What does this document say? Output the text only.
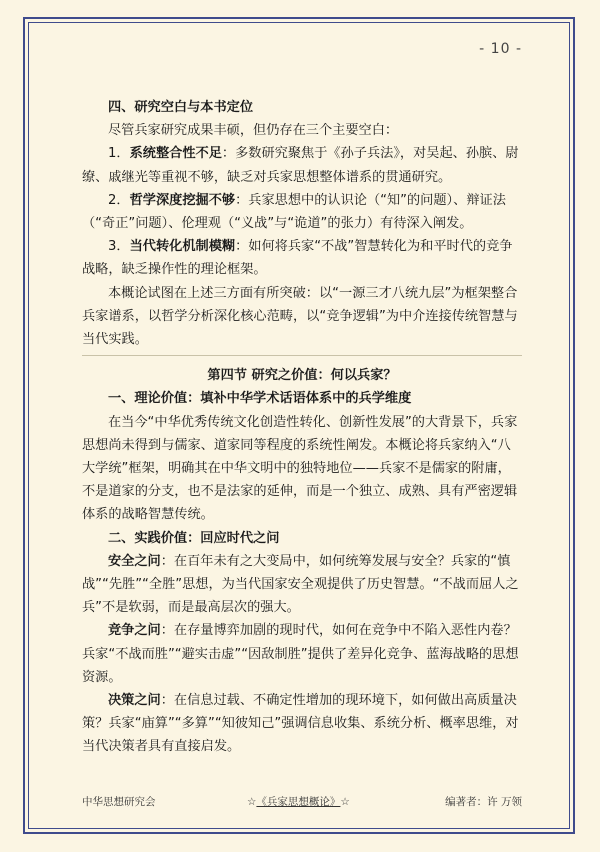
- 10 -

四、研究空白与本书定位

尽管兵家研究成果丰硕，但仍存在三个主要空白：

1．系统整合性不足：多数研究聚焦于《孙子兵法》，对吴起、孙膑、尉缭、戚继光等重视不够，缺乏对兵家思想整体谱系的贯通研究。

2．哲学深度挖掘不够：兵家思想中的认识论（“知”的问题）、辩证法（“奇正”问题）、伦理观（“义战”与“诡道”的张力）有待深入阐发。

3．当代转化机制模糊：如何将兵家“不战”智慧转化为和平时代的竞争战略，缺乏操作性的理论框架。

本概论试图在上述三方面有所突破：以“一源三才八统九层”为框架整合兵家谱系，以哲学分析深化核心范畴，以“竞争逻辑”为中介连接传统智慧与当代实践。

第四节 研究之价值：何以兵家？

一、理论价值：填补中华学术话语体系中的兵学维度

在当今“中华优秀传统文化创造性转化、创新性发展”的大背景下，兵家思想尚未得到与儒家、道家同等程度的系统性阐发。本概论将兵家纳入“八大学统”框架，明确其在中华文明中的独特地位——兵家不是儒家的附庸，不是道家的分支，也不是法家的延伸，而是一个独立、成熟、具有严密逻辑体系的战略智慧传统。

二、实践价值：回应时代之问

安全之问：在百年未有之大变局中，如何统筹发展与安全？兵家的“慎战”“先胜”“全胜”思想，为当代国家安全观提供了历史智慧。“不战而屈人之兵”不是软弱，而是最高层次的强大。

竞争之问：在存量博弈加剧的现时代，如何在竞争中不陷入恶性内卷？兵家“不战而胜”“避实击虚”“因敌制胜”提供了差异化竞争、蓝海战略的思想资源。

决策之问：在信息过载、不确定性增加的现环境下，如何做出高质量决策？兵家“庙算”“多算”“知彼知己”强调信息收集、系统分析、概率思维，对当代决策者具有直接启发。

中华思想研究会	☆《兵家思想概论》☆	编著者：许 万领
